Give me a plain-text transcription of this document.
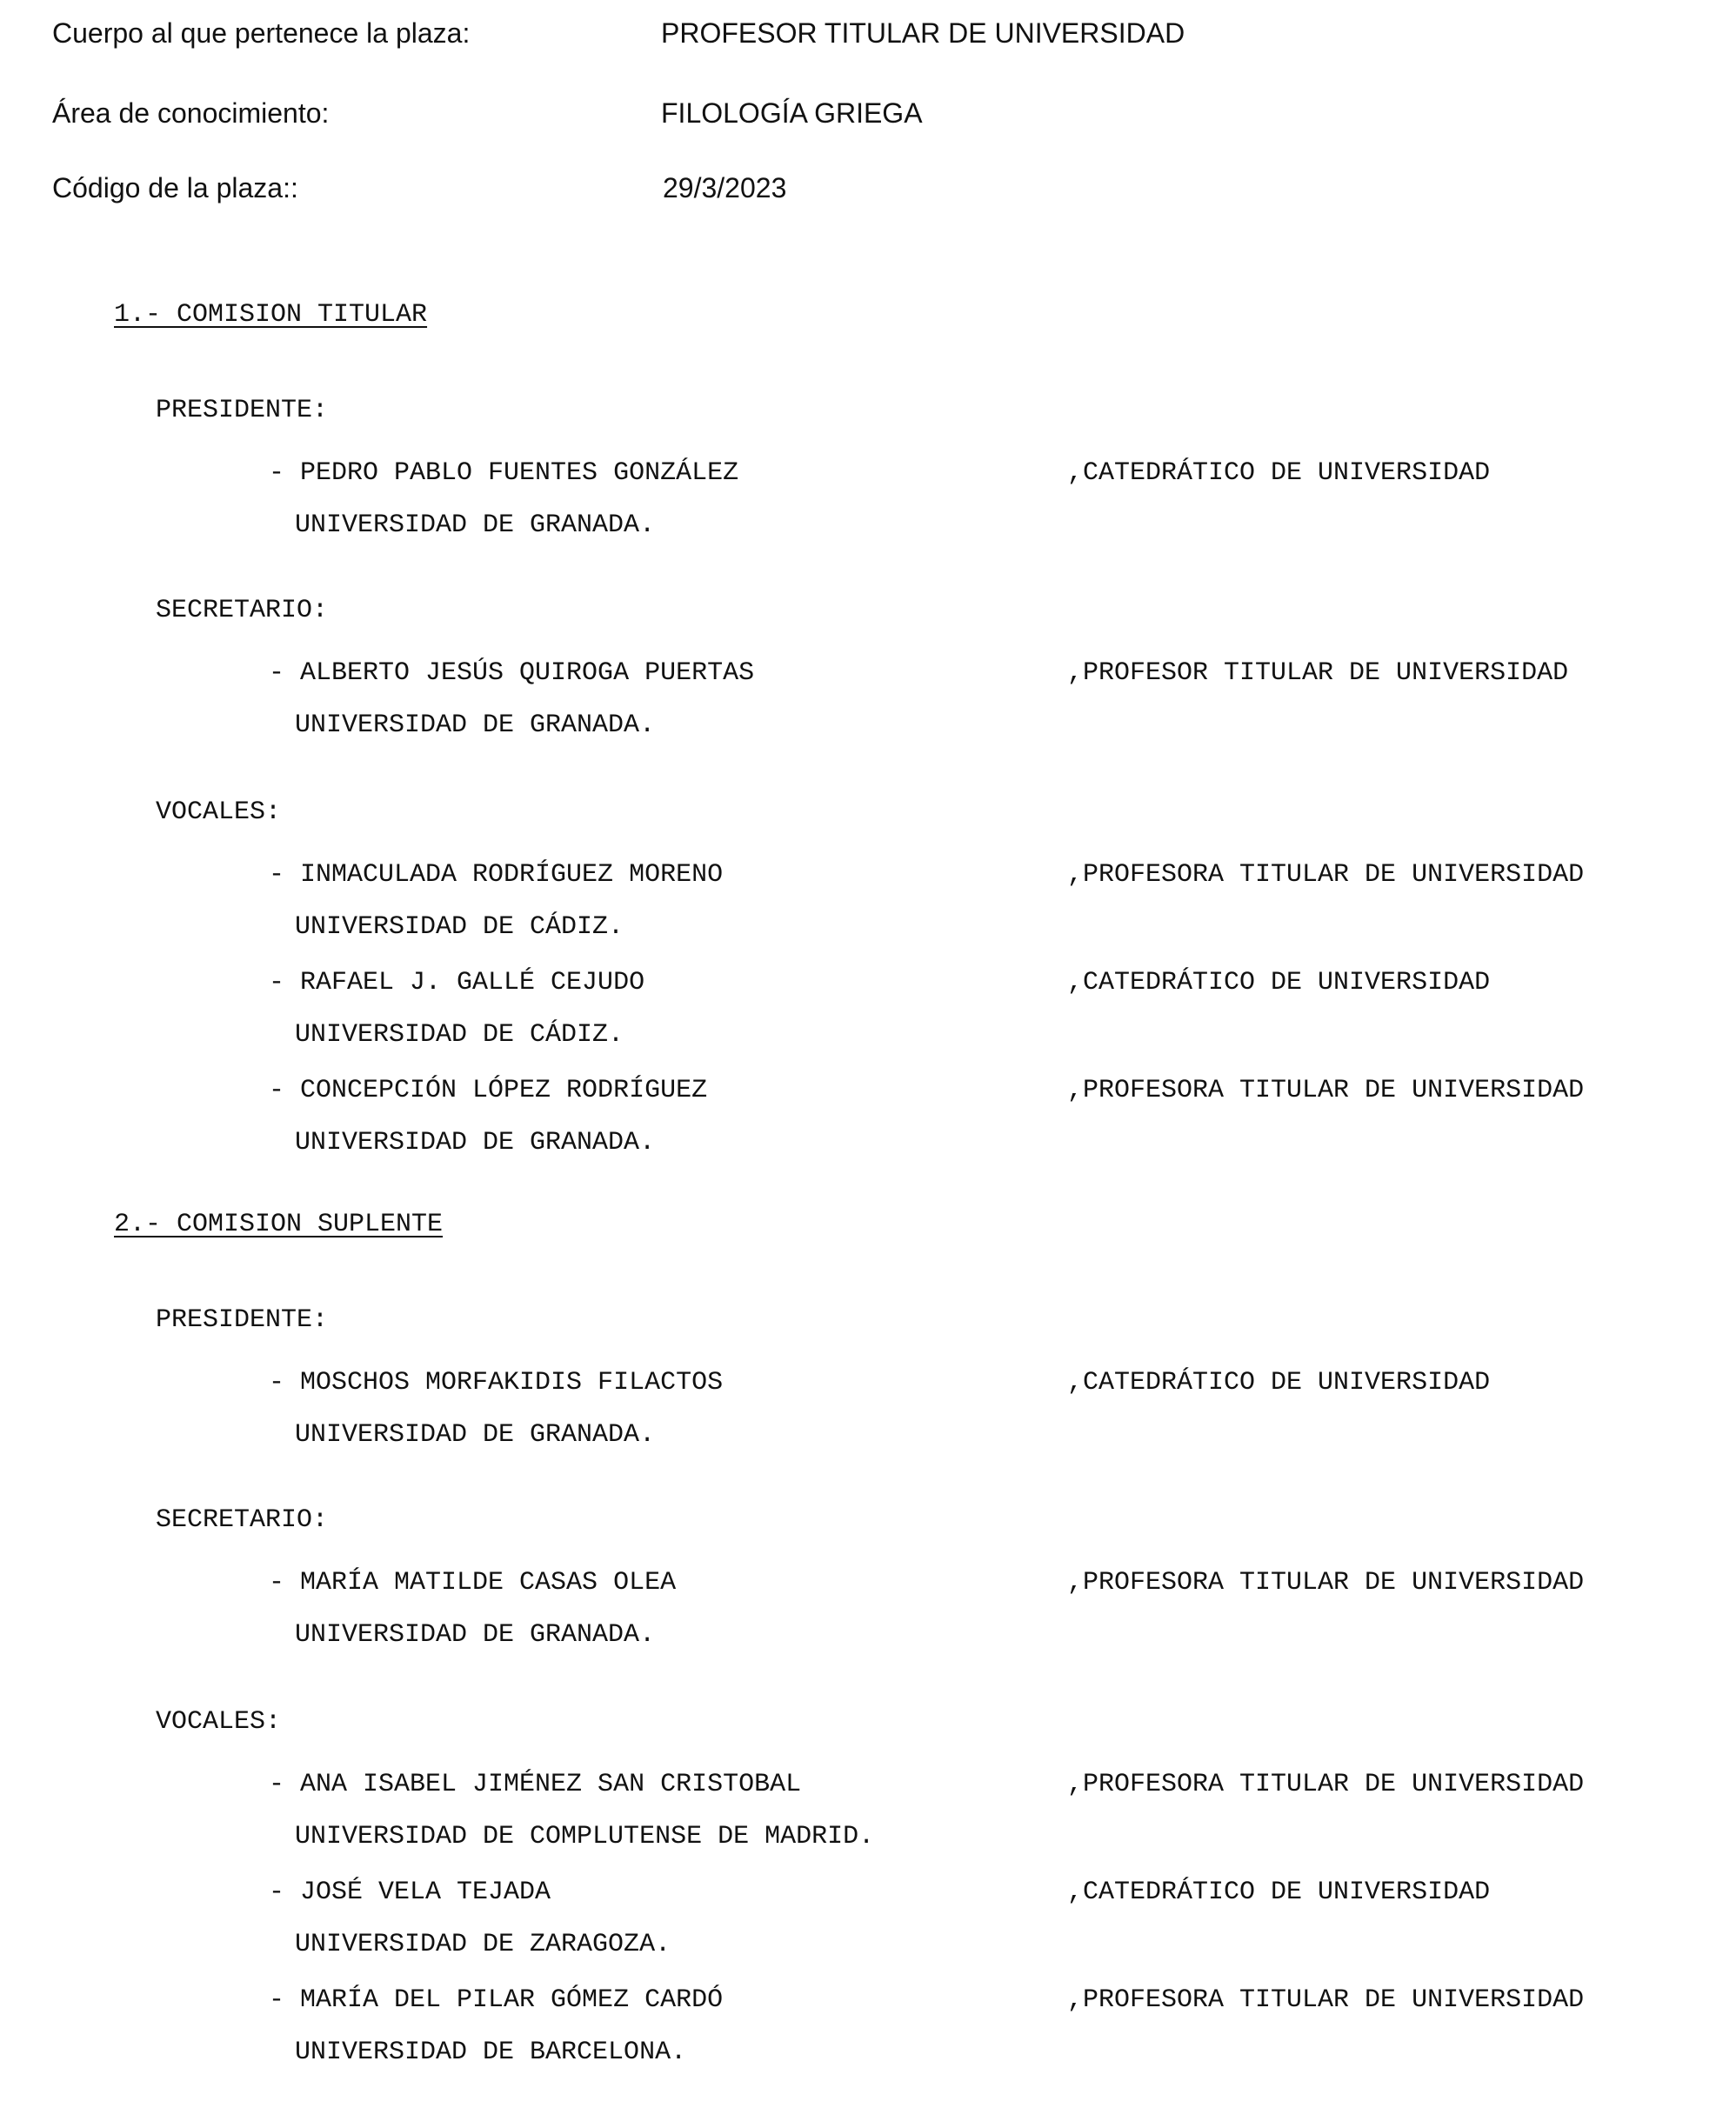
Cuerpo al que pertenece la plaza:	PROFESOR TITULAR DE UNIVERSIDAD
Área de conocimiento:	FILOLOGÍA GRIEGA
Código de la plaza::	29/3/2023
1.- COMISION TITULAR
PRESIDENTE:
- PEDRO PABLO FUENTES GONZÁLEZ	,CATEDRÁTICO DE UNIVERSIDAD
UNIVERSIDAD DE GRANADA.
SECRETARIO:
- ALBERTO JESÚS QUIROGA PUERTAS	,PROFESOR TITULAR DE UNIVERSIDAD
UNIVERSIDAD DE GRANADA.
VOCALES:
- INMACULADA RODRÍGUEZ MORENO	,PROFESORA TITULAR DE UNIVERSIDAD
UNIVERSIDAD DE CÁDIZ.
- RAFAEL J. GALLÉ CEJUDO	,CATEDRÁTICO DE UNIVERSIDAD
UNIVERSIDAD DE CÁDIZ.
- CONCEPCIÓN LÓPEZ RODRÍGUEZ	,PROFESORA TITULAR DE UNIVERSIDAD
UNIVERSIDAD DE GRANADA.
2.- COMISION SUPLENTE
PRESIDENTE:
- MOSCHOS MORFAKIDIS FILACTOS	,CATEDRÁTICO DE UNIVERSIDAD
UNIVERSIDAD DE GRANADA.
SECRETARIO:
- MARÍA MATILDE CASAS OLEA	,PROFESORA TITULAR DE UNIVERSIDAD
UNIVERSIDAD DE GRANADA.
VOCALES:
- ANA ISABEL JIMÉNEZ SAN CRISTOBAL	,PROFESORA TITULAR DE UNIVERSIDAD
UNIVERSIDAD DE COMPLUTENSE DE MADRID.
- JOSÉ VELA TEJADA	,CATEDRÁTICO DE UNIVERSIDAD
UNIVERSIDAD DE ZARAGOZA.
- MARÍA DEL PILAR GÓMEZ CARDÓ	,PROFESORA TITULAR DE UNIVERSIDAD
UNIVERSIDAD DE BARCELONA.
